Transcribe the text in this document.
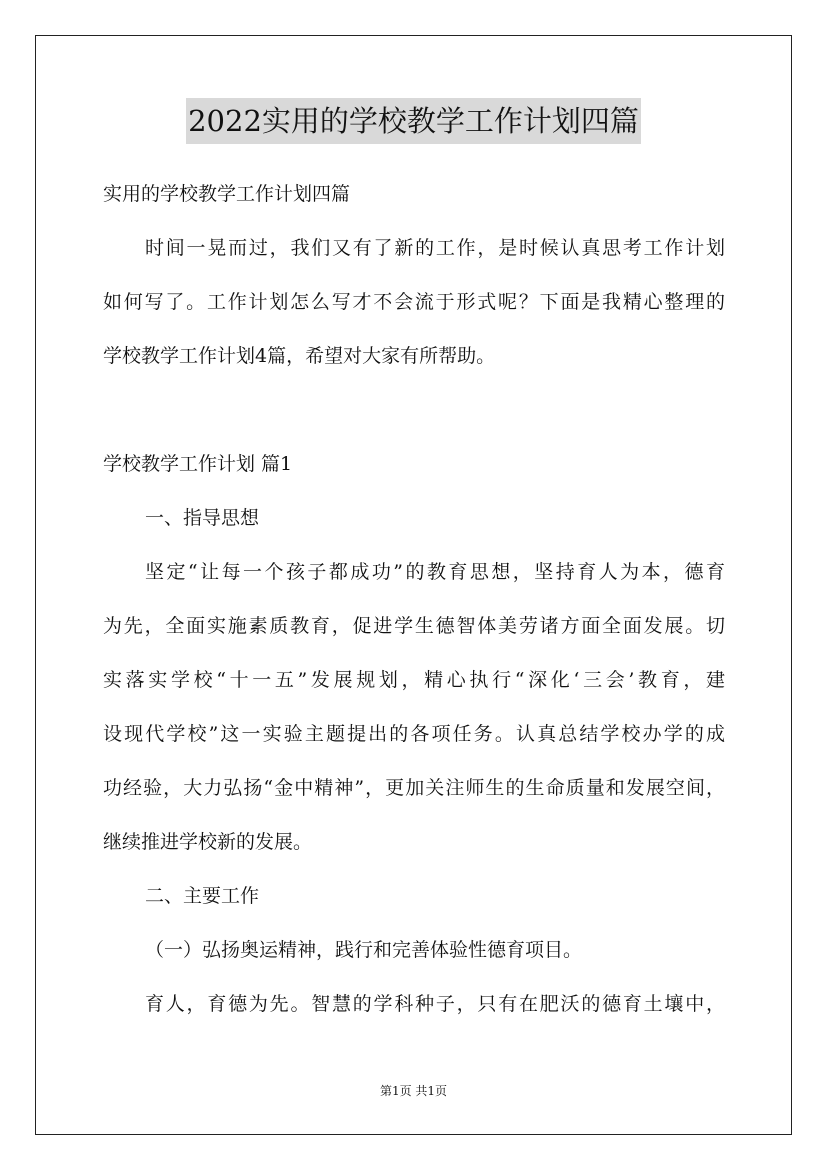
2022实用的学校教学工作计划四篇
实用的学校教学工作计划四篇
时间一晃而过，我们又有了新的工作，是时候认真思考工作计划
如何写了。工作计划怎么写才不会流于形式呢？下面是我精心整理的
学校教学工作计划4篇，希望对大家有所帮助。
学校教学工作计划 篇1
一、指导思想
坚定“让每一个孩子都成功”的教育思想，坚持育人为本，德育
为先，全面实施素质教育，促进学生德智体美劳诸方面全面发展。切
实落实学校“十一五”发展规划，精心执行“深化‘三会’教育，建
设现代学校”这一实验主题提出的各项任务。认真总结学校办学的成
功经验，大力弘扬“金中精神”，更加关注师生的生命质量和发展空间，
继续推进学校新的发展。
二、主要工作
（一）弘扬奥运精神，践行和完善体验性德育项目。
育人，育德为先。智慧的学科种子，只有在肥沃的德育土壤中，
第1页 共1页
